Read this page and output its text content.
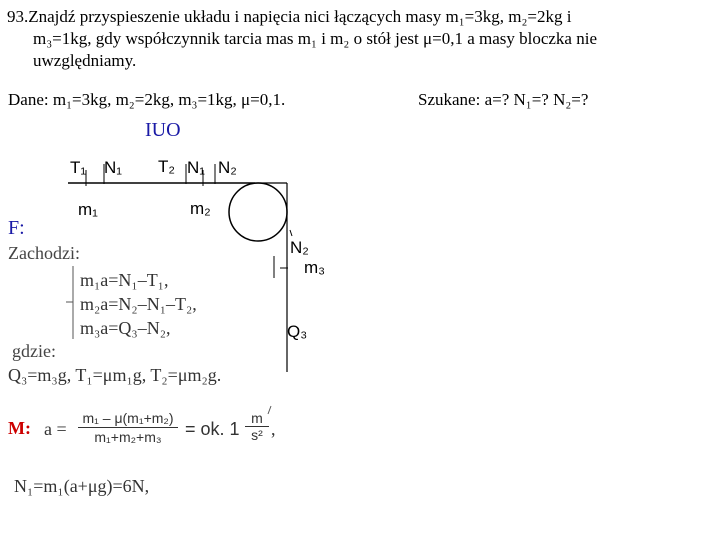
93.Znajdź przyspieszenie układu i napięcia nici łączących masy m₁=3kg, m₂=2kg i
m₃=1kg, gdy współczynnik tarcia mas m₁ i m₂ o stół jest μ=0,1 a masy bloczka nie
uwzględniamy.
Dane: m₁=3kg, m₂=2kg, m₃=1kg, μ=0,1.	Szukane: a=? N₁=? N₂=?
IUO
T₁ N₁
m₁
T₂ N₁ N₂
m₂
N₂
m₃
Q₃
F:
Zachodzi:
m₁a=N₁–T₁,
m₂a=N₂–N₁–T₂,
m₃a=Q₃–N₂,
gdzie:
Q₃=m₃g, T₁=μm₁g, T₂=μm₂g.
M: $a = \frac{\text{m₁ – μ(m₁+m₂)}}{\text{m₁+m₂+m₃}}$ = ok. $1 \frac{m}{\text{s²}}$ ,
N₁=m₁(a+μg)=6N,
